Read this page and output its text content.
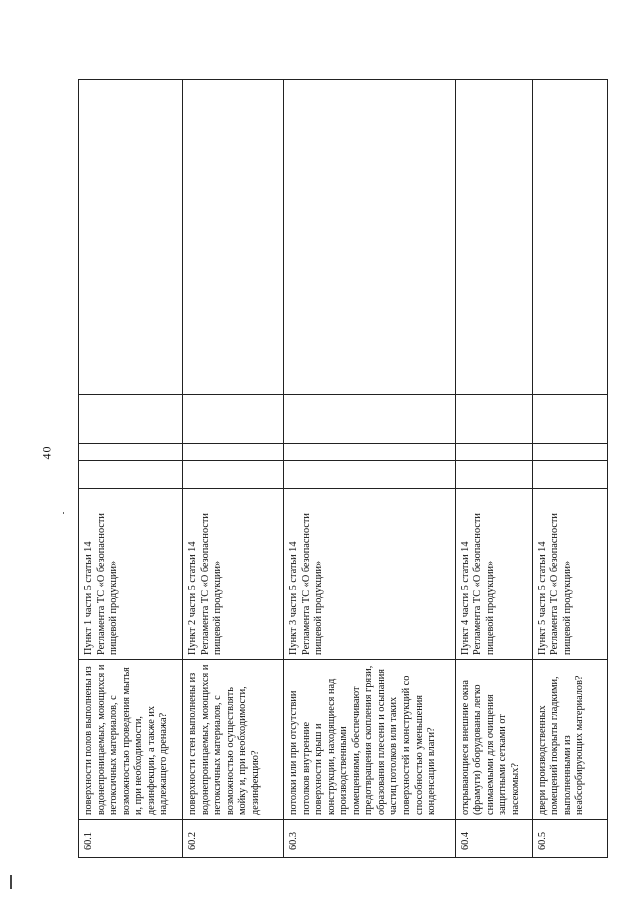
40
60.1	поверхности полов выполнены из водонепроницаемых, моющихся и нетоксичных материалов, с возможностью проведения мытья и, при необходимости, дезинфекции, а также их надлежащего дренажа?	Пункт 1 части 5 статьи 14 Регламента ТС «О безопасности пищевой продукции»				
60.2	поверхности стен выполнены из водонепроницаемых, моющихся и нетоксичных материалов, с возможностью осуществлять мойку и, при необходимости, дезинфекцию?	Пункт 2 части 5 статьи 14 Регламента ТС «О безопасности пищевой продукции»				
60.3	потолки или при отсутствии потолков внутренние поверхности крыш и конструкции, находящиеся над производственными помещениями, обеспечивают предотвращения скопления грязи, образования плесени и осыпания частиц потолков или таких поверхностей и конструкций со способностью уменьшения конденсации влаги?	Пункт 3 части 5 статьи 14 Регламента ТС «О безопасности пищевой продукции»				
60.4	открывающиеся внешние окна (фрамуги) оборудованы легко снимаемыми для очищения защитными сетками от насекомых?	Пункт 4 части 5 статьи 14 Регламента ТС «О безопасности пищевой продукции»				
60.5	двери производственных помещений покрыты гладкими, выполненными из неабсорбирующих материалов?	Пункт 5 части 5 статьи 14 Регламента ТС «О безопасности пищевой продукции»				
